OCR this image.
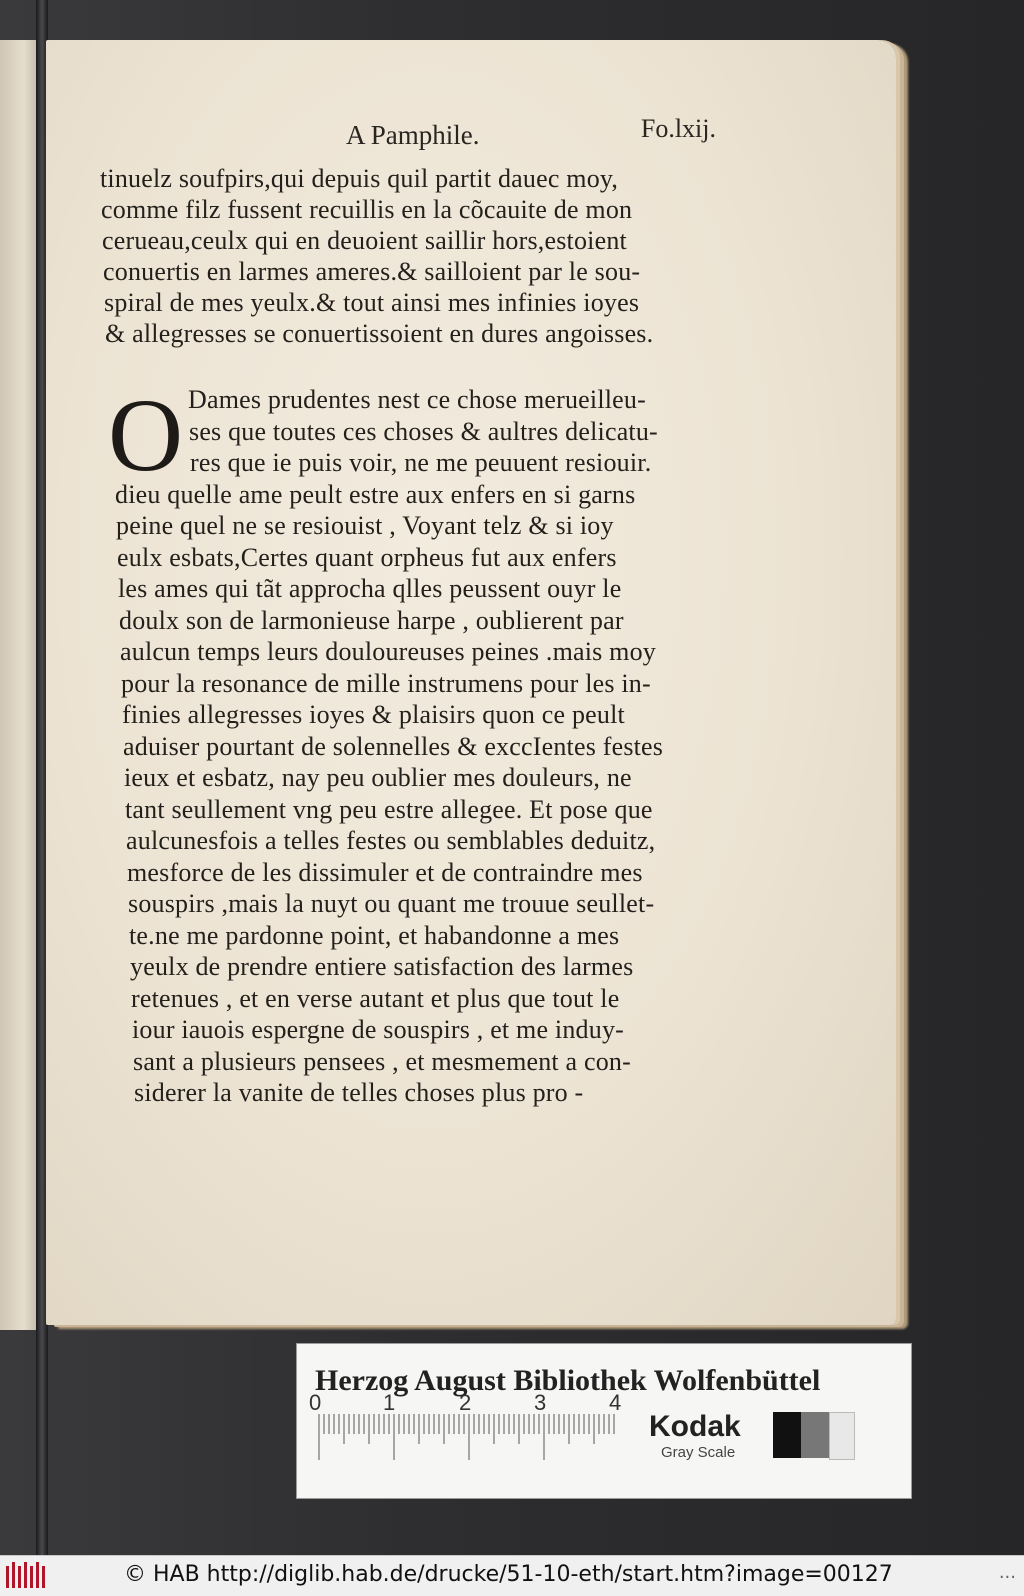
A Pamphile.	Fo.lxij.
tinuelz soufpirs,qui depuis quil partit dauec moy,
comme filz fussent recuillis en la cõcauite de mon
cerueau,ceulx qui en deuoient saillir hors,estoient
conuertis en larmes ameres.& sailloient par le sou-
spiral de mes yeulx.& tout ainsi mes infinies ioyes
& allegresses se conuertissoient en dures angoisses.
O Dames prudentes nest ce chose merueilleu-
ses que toutes ces choses & aultres delicatu-
res que ie puis voir, ne me peuuent resiouir.
dieu quelle ame peult estre aux enfers en si garns
peine quel ne se resiouist , Voyant telz & si ioy
eulx esbats,Certes quant orpheus fut aux enfers
les ames qui tãt approcha qlles peussent ouyr le
doulx son de larmonieuse harpe , oublierent par
aulcun temps leurs douloureuses peines .mais moy
pour la resonance de mille instrumens pour les in-
finies allegresses ioyes & plaisirs quon ce peult
aduiser pourtant de solennelles & exccIentes festes
ieux et esbatz, nay peu oublier mes douleurs, ne
tant seullement vng peu estre allegee. Et pose que
aulcunesfois a telles festes ou semblables deduitz,
mesforce de les dissimuler et de contraindre mes
souspirs ,mais la nuyt ou quant me trouue seullet-
te.ne me pardonne point, et habandonne a mes
yeulx de prendre entiere satisfaction des larmes
retenues , et en verse autant et plus que tout le
iour iauois espergne de souspirs , et me induy-
sant a plusieurs pensees , et mesmement a con-
siderer la vanite de telles choses plus pro -
Herzog August Bibliothek Wolfenbüttel
0	1	2	3	4
Kodak
Gray Scale
© HAB http://diglib.hab.de/drucke/51-10-eth/start.htm?image=00127	...
